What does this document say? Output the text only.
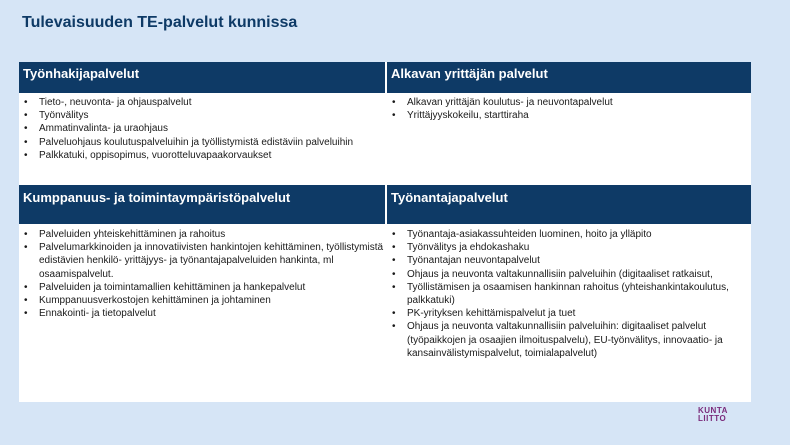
Tulevaisuuden TE-palvelut kunnissa
Työnhakijapalvelut
• Tieto-, neuvonta- ja ohjauspalvelut
• Työnvälitys
• Ammatinvalinta- ja uraohjaus
• Palveluohjaus koulutuspalveluihin ja työllistymistä edistäviin palveluihin
• Palkkatuki, oppisopimus, vuorotteluvapaakorvaukset
Alkavan yrittäjän palvelut
• Alkavan yrittäjän koulutus- ja neuvontapalvelut
• Yrittäjyyskokeilu, starttiraha
Kumppanuus- ja toimintaympäristöpalvelut
• Palveluiden yhteiskehittäminen ja rahoitus
• Palvelumarkkinoiden ja innovatiivisten hankintojen kehittäminen, työllistymistä edistävien henkilö- yrittäjyys- ja työnantajapalveluiden hankinta, ml osaamispalvelut.
• Palveluiden ja toimintamallien kehittäminen ja hankepalvelut
• Kumppanuusverkostojen kehittäminen ja johtaminen
• Ennakointi- ja tietopalvelut
Työnantajapalvelut
• Työnantaja-asiakassuhteiden luominen, hoito ja ylläpito
• Työnvälitys ja ehdokashaku
• Työnantajan neuvontapalvelut
• Ohjaus ja neuvonta valtakunnallisiin palveluihin (digitaaliset ratkaisut,
• Työllistämisen ja osaamisen hankinnan rahoitus (yhteishankintakoulutus, palkkatuki)
• PK-yrityksen kehittämispalvelut ja tuet
• Ohjaus ja neuvonta valtakunnallisiin palveluihin: digitaaliset palvelut (työpaikkojen ja osaajien ilmoituspalvelu), EU-työnvälitys, innovaatio- ja kansainvälistymispalvelut, toimialapalvelut)
KUNTA
LIITTO
